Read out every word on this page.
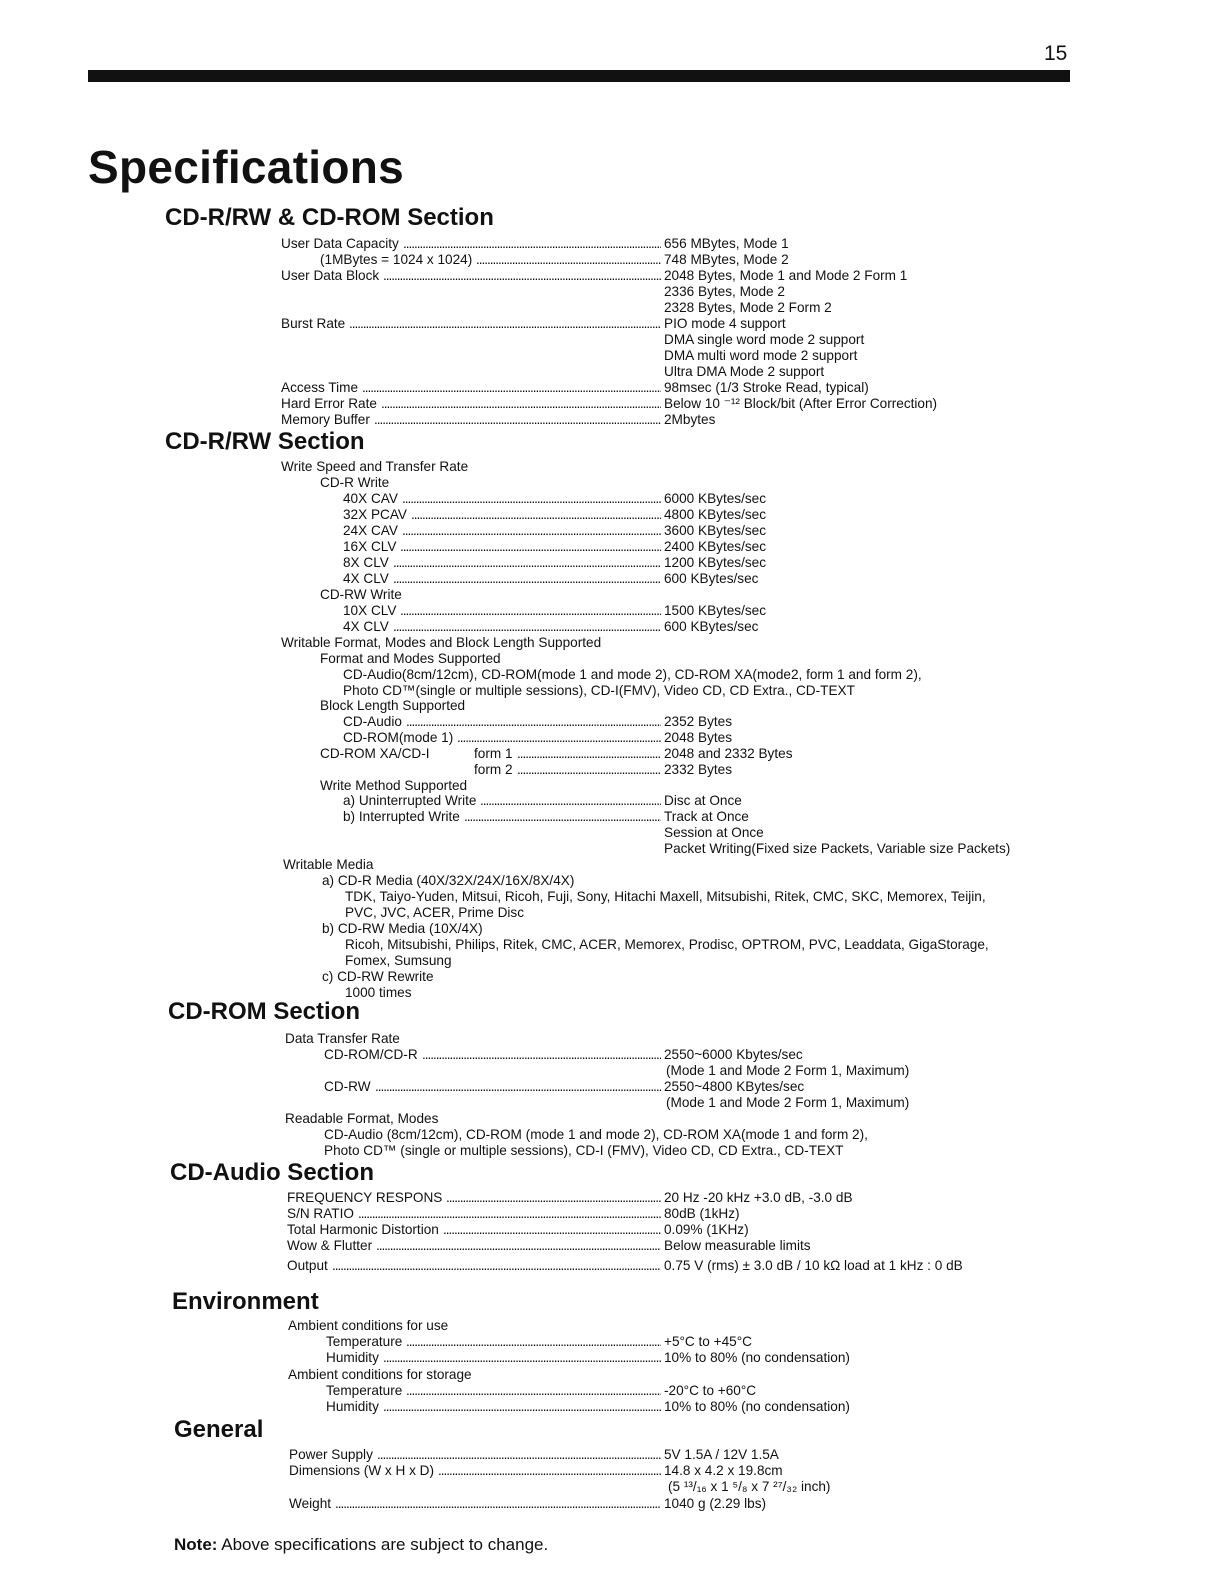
15
Specifications
CD-R/RW & CD-ROM Section
CD-R/RW Section
CD-ROM Section
CD-Audio Section
Environment
General
User Data Capacity	656 MBytes, Mode 1
. . .
(1MBytes = 1024 x 1024)	748 MBytes, Mode 2
. . .
User Data Block	2048 Bytes, Mode 1 and Mode 2 Form 1
. . .
2336 Bytes, Mode 2
2328 Bytes, Mode 2 Form 2
Burst Rate	PIO mode 4 support
. . .
DMA single word mode 2 support
DMA multi word mode 2 support
Ultra DMA Mode 2 support
Access Time	98msec (1/3 Stroke Read, typical)
. . .
Hard Error Rate	Below 10 ⁻¹² Block/bit (After Error Correction)
. . .
Memory Buffer	2Mbytes
. . .
Write Speed and Transfer Rate
CD-R Write
40X CAV	6000 KBytes/sec
. . .
32X PCAV	4800 KBytes/sec
. . .
24X CAV	3600 KBytes/sec
. . .
16X CLV	2400 KBytes/sec
. . .
8X CLV	1200 KBytes/sec
. . .
4X CLV	600 KBytes/sec
. . .
CD-RW Write
10X CLV	1500 KBytes/sec
. . .
4X CLV	600 KBytes/sec
. . .
Writable Format, Modes and Block Length Supported
Format and Modes Supported
CD-Audio(8cm/12cm), CD-ROM(mode 1 and mode 2), CD-ROM XA(mode2, form 1 and form 2),
Photo CD™(single or multiple sessions), CD-I(FMV), Video CD, CD Extra., CD-TEXT
Block Length Supported
CD-Audio	2352 Bytes
. . .
CD-ROM(mode 1)	2048 Bytes
. . .
CD-ROM XA/CD-I	form 1	2048 and 2332 Bytes
. . .
form 2	2332 Bytes
. . .
Write Method Supported
a) Uninterrupted Write	Disc at Once
. . .
b) Interrupted Write	Track at Once
. . .
Session at Once
Packet Writing(Fixed size Packets, Variable size Packets)
Writable Media
a) CD-R Media (40X/32X/24X/16X/8X/4X)
TDK, Taiyo-Yuden, Mitsui, Ricoh, Fuji, Sony, Hitachi Maxell, Mitsubishi, Ritek, CMC, SKC, Memorex, Teijin,
PVC, JVC, ACER, Prime Disc
b) CD-RW Media (10X/4X)
Ricoh, Mitsubishi, Philips, Ritek, CMC, ACER, Memorex, Prodisc, OPTROM, PVC, Leaddata, GigaStorage,
Fomex, Sumsung
c) CD-RW Rewrite
1000 times
Data Transfer Rate
CD-ROM/CD-R	2550~6000 Kbytes/sec
. . .
(Mode 1 and Mode 2 Form 1, Maximum)
CD-RW	2550~4800 KBytes/sec
. . .
(Mode 1 and Mode 2 Form 1, Maximum)
Readable Format, Modes
CD-Audio (8cm/12cm), CD-ROM (mode 1 and mode 2), CD-ROM XA(mode 1 and form 2),
Photo CD™ (single or multiple sessions), CD-I (FMV), Video CD, CD Extra., CD-TEXT
FREQUENCY RESPONS	20 Hz -20 kHz +3.0 dB, -3.0 dB
. . .
S/N RATIO	80dB (1kHz)
. . .
Total Harmonic Distortion	0.09% (1KHz)
. . .
Wow & Flutter	Below measurable limits
. . .
Output	0.75 V (rms) ± 3.0 dB / 10 kΩ load at 1 kHz : 0 dB
. . .
Ambient conditions for use
Temperature	+5°C to +45°C
. . .
Humidity	10% to 80% (no condensation)
. . .
Ambient conditions for storage
Temperature	-20°C to +60°C
. . .
Humidity	10% to 80% (no condensation)
. . .
Power Supply	5V 1.5A / 12V 1.5A
. . .
Dimensions (W x H x D)	14.8 x 4.2 x 19.8cm
. . .
(5 ¹³/₁₆ x 1 ⁵/₈ x 7 ²⁷/₃₂ inch)
Weight	1040 g (2.29 lbs)
. . .
Note: Above specifications are subject to change.
